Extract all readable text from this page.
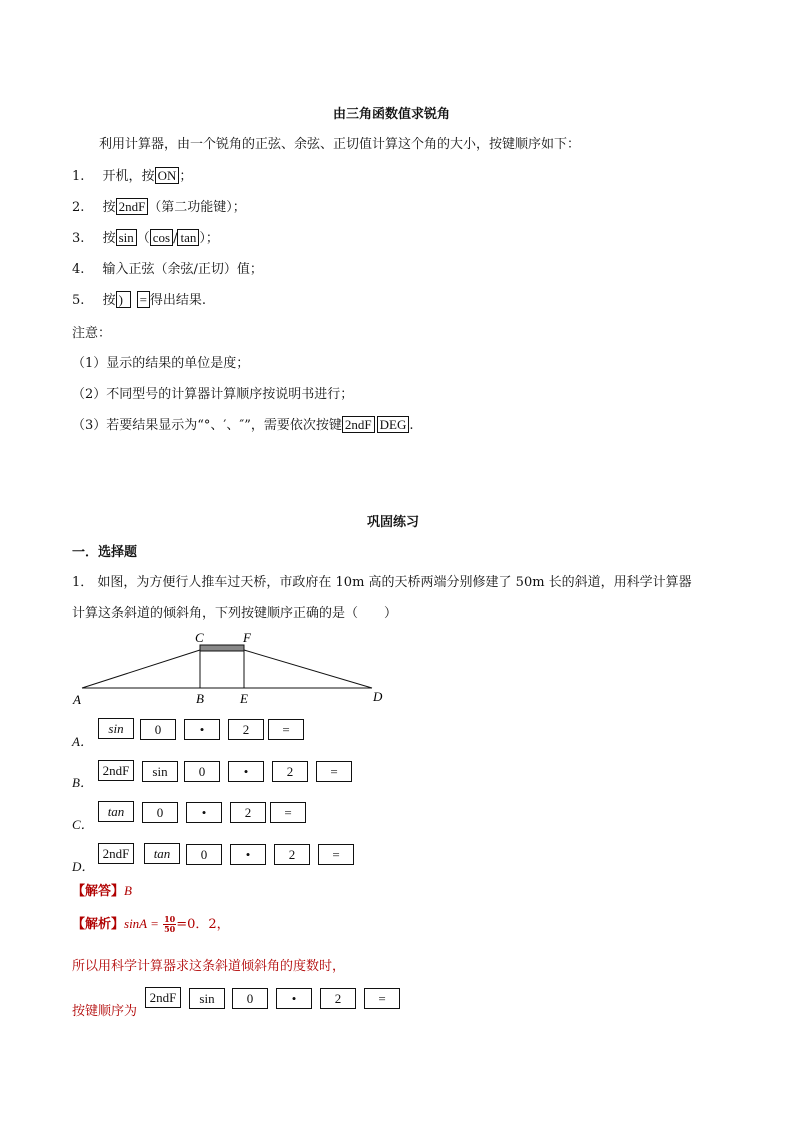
由三角函数值求锐角
利用计算器，由一个锐角的正弦、余弦、正切值计算这个角的大小，按键顺序如下：
1. 开机，按 ON ；
2. 按 2ndF （第二功能键）；
3. 按 sin （ cos / tan ）；
4. 输入正弦（余弦/正切）值；
5. 按 ) = 得出结果.
注意：
（1）显示的结果的单位是度；
（2）不同型号的计算器计算顺序按说明书进行；
（3）若要结果显示为“°、′、″”，需要依次按键 2ndF DEG .
巩固练习
一．选择题
1． 如图，为方便行人推车过天桥，市政府在 10m 高的天桥两端分别修建了 50m 长的斜道，用科学计算器
计算这条斜道的倾斜角，下列按键顺序正确的是（　　）
A	B
C
D
E
F
A．
sin	0	•	2	=
B．
2ndF	sin	0	•	2	=
C．
tan	0	•	2	=
D．
2ndF	tan	0	•	2	=
【解答】B
【解析】$\sin A = \frac{10}{50} =0$．2，
所以用科学计算器求这条斜道倾斜角的度数时，
按键顺序为
2ndF	sin	0	•	2	=
